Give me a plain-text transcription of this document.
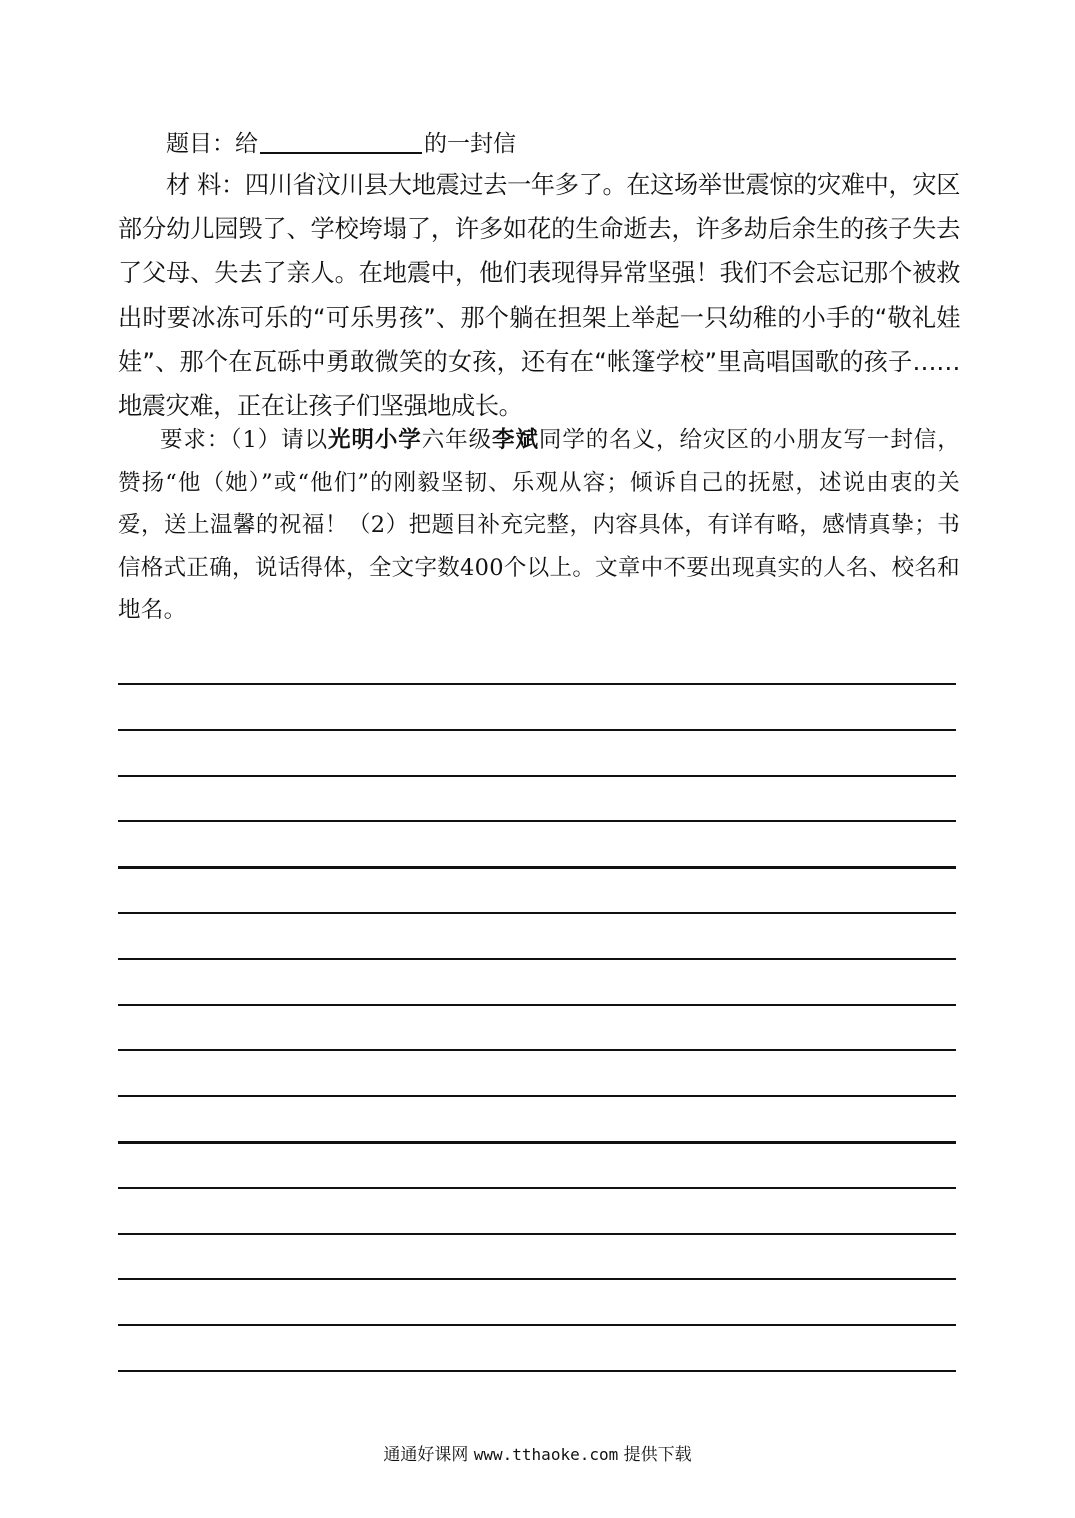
题目：给	的一封信
材 料：四川省汶川县大地震过去一年多了。在这场举世震惊的灾难中，灾区部分幼儿园毁了、学校垮塌了，许多如花的生命逝去，许多劫后余生的孩子失去了父母、失去了亲人。在地震中，他们表现得异常坚强！我们不会忘记那个被救出时要冰冻可乐的“可乐男孩”、那个躺在担架上举起一只幼稚的小手的“敬礼娃娃”、那个在瓦砾中勇敢微笑的女孩，还有在“帐篷学校”里高唱国歌的孩子……地震灾难，正在让孩子们坚强地成长。
要求：（1）请以光明小学六年级李斌同学的名义，给灾区的小朋友写一封信，赞扬“他（她）”或“他们”的刚毅坚韧、乐观从容；倾诉自己的抚慰，述说由衷的关爱，送上温馨的祝福！（2）把题目补充完整，内容具体，有详有略，感情真挚；书信格式正确，说话得体，全文字数400个以上。文章中不要出现真实的人名、校名和地名。
通通好课网 www.tthaoke.com 提供下载
